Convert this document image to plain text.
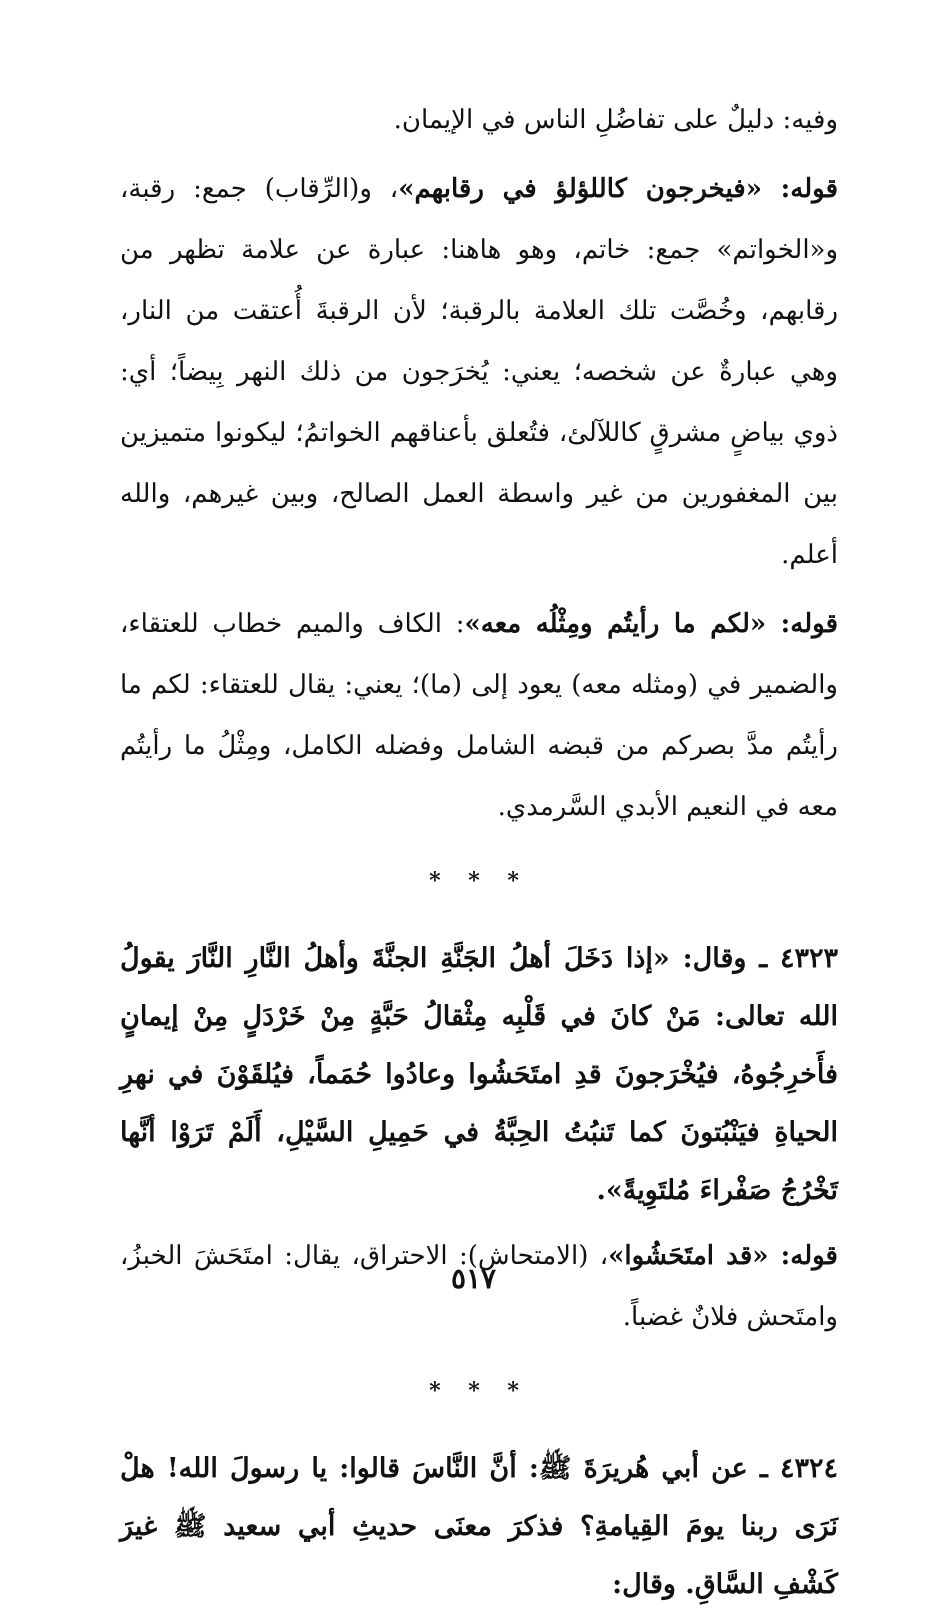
وفيه: دليلٌ على تفاضُلِ الناس في الإيمان.

قوله: «فيخرجون كاللؤلؤ في رقابهم»، و(الرِّقاب) جمع: رقبة، و«الخواتم» جمع: خاتم، وهو هاهنا: عبارة عن علامة تظهر من رقابهم، وخُصَّت تلك العلامة بالرقبة؛ لأن الرقبةَ أُعتقت من النار، وهي عبارةٌ عن شخصه؛ يعني: يُخرَجون من ذلك النهر بِيضاً؛ أي: ذوي بياضٍ مشرقٍ كاللآلئ، فتُعلق بأعناقهم الخواتمُ؛ ليكونوا متميزين بين المغفورين من غير واسطة العمل الصالح، وبين غيرهم، والله أعلم.

قوله: «لكم ما رأيتُم ومِثْلُه معه»: الكاف والميم خطاب للعتقاء، والضمير في (ومثله معه) يعود إلى (ما)؛ يعني: يقال للعتقاء: لكم ما رأيتُم مدَّ بصركم من قبضه الشامل وفضله الكامل، ومِثْلُ ما رأيتُم معه في النعيم الأبدي السَّرمدي.

* * *

٤٣٢٣ ـ وقال: «إذا دَخَلَ أهلُ الجَنَّةِ الجنَّةَ وأهلُ النَّارِ النَّارَ يقولُ الله تعالى: مَنْ كانَ في قَلْبِه مِثْقالُ حَبَّةٍ مِنْ خَرْدَلٍ مِنْ إيمانٍ فأَخرِجُوهُ، فيُخْرَجونَ قدِ امتَحَشُوا وعادُوا حُمَماً، فيُلقَوْنَ في نهرِ الحياةِ فيَنْبُتونَ كما تَنبُتُ الحِبَّةُ في حَمِيلِ السَّيْلِ، أَلَمْ تَرَوْا أنَّها تَخْرُجُ صَفْراءَ مُلتَوِيةً».

قوله: «قد امتَحَشُوا»، (الامتحاش): الاحتراق، يقال: امتَحَشَ الخبزُ، وامتَحش فلانٌ غضباً.

* * *

٤٣٢٤ ـ عن أبي هُريرَةَ ﷺ: أنَّ النَّاسَ قالوا: يا رسولَ الله! هلْ نَرَى ربنا يومَ القِيامةِ؟ فذكرَ معنَى حديثِ أبي سعيد ﷺ غيرَ كَشْفِ السَّاقِ. وقال:

٥١٧
